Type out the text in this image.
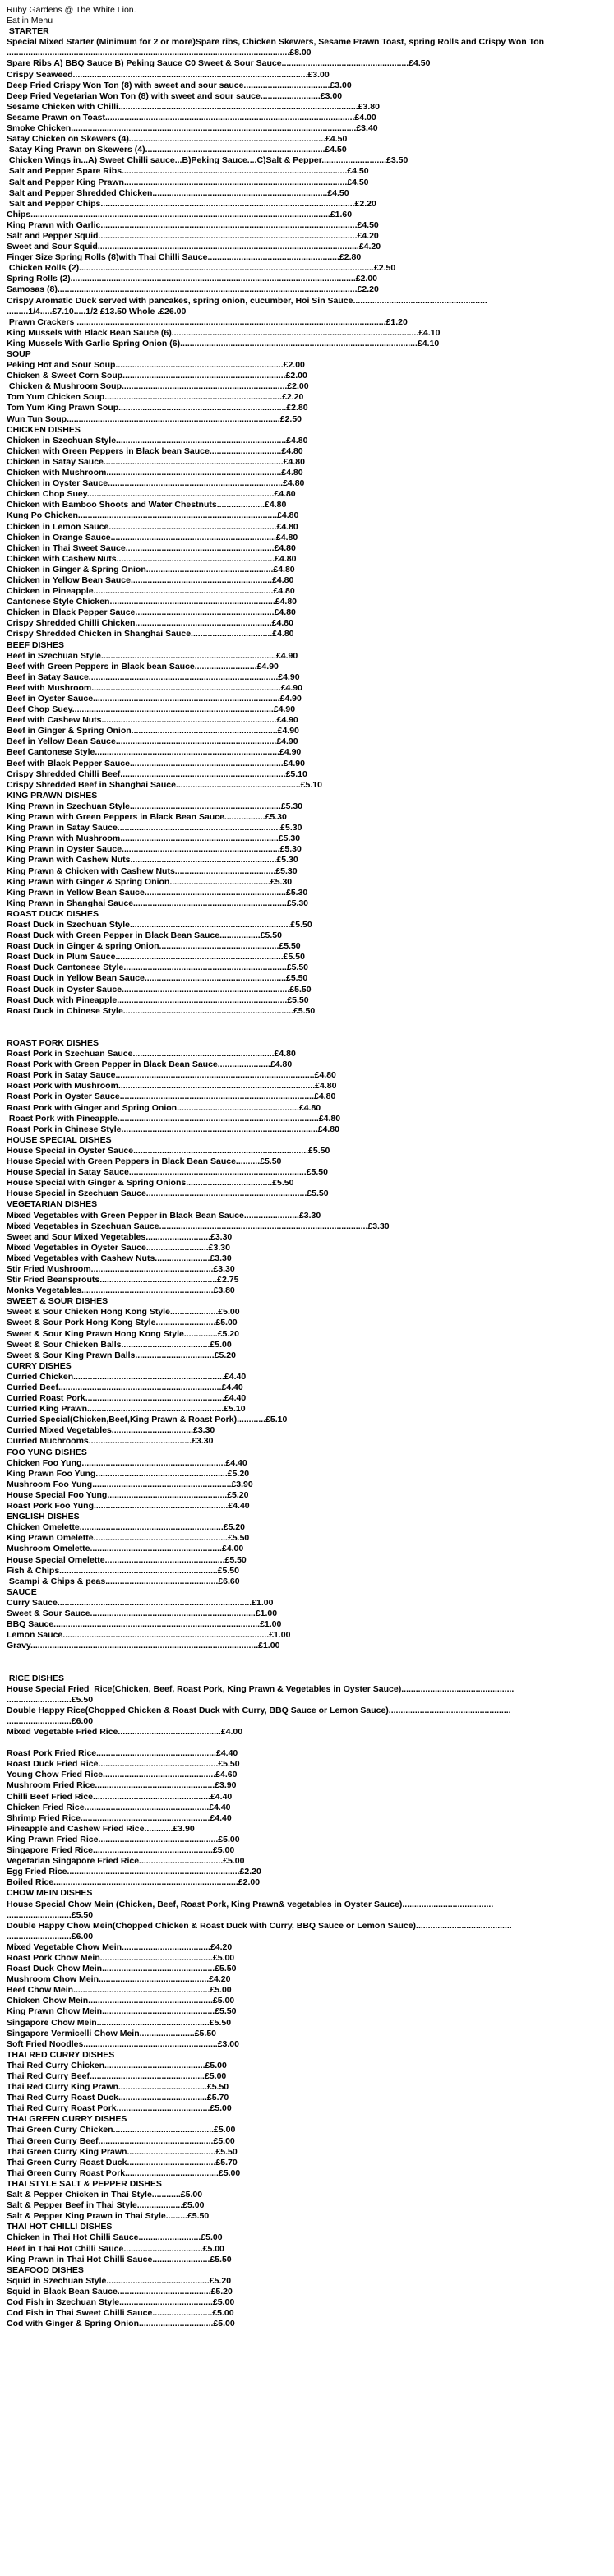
Ruby Gardens @ The White Lion.
Eat in Menu
STARTER
Special Mixed Starter (Minimum for 2 or more)Spare ribs, Chicken Skewers, Sesame Prawn Toast, spring Rolls and Crispy Won Ton
......................................................................................................................£8.00
Spare Ribs A) BBQ Sauce B) Peking Sauce C0 Sweet & Sour Sauce.....................................................£4.50
Crispy Seaweed..................................................................................................£3.00
Deep Fried Crispy Won Ton (8) with sweet and sour sauce....................................£3.00
Deep Fried Vegetarian Won Ton (8) with sweet and sour sauce.........................£3.00
Sesame Chicken with Chilli....................................................................................................£3.80
Sesame Prawn on Toast........................................................................................................£4.00
Smoke Chicken.......................................................................................................................£3.40
Satay Chicken on Skewers (4)..................................................................................£4.50
Satay King Prawn on Skewers (4)...........................................................................£4.50
Chicken Wings in...A) Sweet Chilli sauce...B)Peking Sauce....C)Salt & Pepper...........................£3.50
Salt and Pepper Spare Ribs..............................................................................................£4.50
Salt and Pepper King Prawn.............................................................................................£4.50
Salt and Pepper Shredded Chicken.........................................................................£4.50
Salt and Pepper Chips..........................................................................................................£2.20
Chips.............................................................................................................................£1.60
King Prawn with Garlic...........................................................................................................£4.50
Salt and Pepper Squid............................................................................................................£4.20
Sweet and Sour Squid.............................................................................................................£4.20
Finger Size Spring Rolls (8)with Thai Chilli Sauce.......................................................£2.80
Chicken Rolls (2)...........................................................................................................................£2.50
Spring Rolls (2).......................................................................................................................£2.00
Samosas (8).............................................................................................................................£2.20
Crispy Aromatic Duck served with pancakes, spring onion, cucumber, Hoi Sin Sauce........................................................
.........1/4.....£7.10.....1/2 £13.50 Whole .£26.00
Prawn Crackers .................................................................................................................................£1.20
King Mussels with Black Bean Sauce (6).......................................................................................................£4.10
King Mussels With Garlic Spring Onion (6)...................................................................................................£4.10
SOUP
Peking Hot and Sour Soup......................................................................£2.00
Chicken & Sweet Corn Soup....................................................................£2.00
Chicken & Mushroom Soup.....................................................................£2.00
Tom Yum Chicken Soup..........................................................................£2.20
Tom Yum King Prawn Soup......................................................................£2.80
Wun Tun Soup.........................................................................................£2.50
CHICKEN DISHES
Chicken in Szechuan Style.......................................................................£4.80
Chicken with Green Peppers in Black bean Sauce..............................£4.80
Chicken in Satay Sauce...........................................................................£4.80
Chicken with Mushroom.........................................................................£4.80
Chicken in Oyster Sauce.........................................................................£4.80
Chicken Chop Suey..............................................................................£4.80
Chicken with Bamboo Shoots and Water Chestnuts....................£4.80
Kung Po Chicken...................................................................................£4.80
Chicken in Lemon Sauce......................................................................£4.80
Chicken in Orange Sauce.....................................................................£4.80
Chicken in Thai Sweet Sauce..............................................................£4.80
Chicken with Cashew Nuts..................................................................£4.80
Chicken in Ginger & Spring Onion.....................................................£4.80
Chicken in Yellow Bean Sauce...........................................................£4.80
Chicken in Pineapple...........................................................................£4.80
Cantonese Style Chicken.....................................................................£4.80
Chicken in Black Pepper Sauce..........................................................£4.80
Crispy Shredded Chilli Chicken.........................................................£4.80
Crispy Shredded Chicken in Shanghai Sauce..................................£4.80
BEEF DISHES
Beef in Szechuan Style.........................................................................£4.90
Beef with Green Peppers in Black bean Sauce..........................£4.90
Beef in Satay Sauce...............................................................................£4.90
Beef with Mushroom...............................................................................£4.90
Beef in Oyster Sauce..............................................................................£4.90
Beef Chop Suey....................................................................................£4.90
Beef with Cashew Nuts.........................................................................£4.90
Beef in Ginger & Spring Onion.............................................................£4.90
Beef in Yellow Bean Sauce...................................................................£4.90
Beef Cantonese Style.............................................................................£4.90
Beef with Black Pepper Sauce................................................................£4.90
Crispy Shredded Chilli Beef.....................................................................£5.10
Crispy Shredded Beef in Shanghai Sauce....................................................£5.10
KING PRAWN DISHES
King Prawn in Szechuan Style...............................................................£5.30
King Prawn with Green Peppers in Black Bean Sauce.................£5.30
King Prawn in Satay Sauce....................................................................£5.30
King Prawn with Mushroom..................................................................£5.30
King Prawn in Oyster Sauce..................................................................£5.30
King Prawn with Cashew Nuts.............................................................£5.30
King Prawn & Chicken with Cashew Nuts..........................................£5.30
King Prawn with Ginger & Spring Onion..........................................£5.30
King Prawn in Yellow Bean Sauce...........................................................£5.30
King Prawn in Shanghai Sauce................................................................£5.30
ROAST DUCK DISHES
Roast Duck in Szechuan Style...................................................................£5.50
Roast Duck with Green Pepper in Black Bean Sauce.................£5.50
Roast Duck in Ginger & spring Onion..................................................£5.50
Roast Duck in Plum Sauce......................................................................£5.50
Roast Duck Cantonese Style....................................................................£5.50
Roast Duck in Yellow Bean Sauce...........................................................£5.50
Roast Duck in Oyster Sauce......................................................................£5.50
Roast Duck with Pineapple.......................................................................£5.50
Roast Duck in Chinese Style.......................................................................£5.50
ROAST PORK DISHES
Roast Pork in Szechuan Sauce...........................................................£4.80
Roast Pork with Green Pepper in Black Bean Sauce......................£4.80
Roast Pork in Satay Sauce...................................................................................£4.80
Roast Pork with Mushroom..................................................................................£4.80
Roast Pork in Oyster Sauce.................................................................................£4.80
Roast Pork with Ginger and Spring Onion...................................................£4.80
Roast Pork with Pineapple....................................................................................£4.80
Roast Pork in Chinese Style..................................................................................£4.80
HOUSE SPECIAL DISHES
House Special in Oyster Sauce.........................................................................£5.50
House Special with Green Peppers in Black Bean Sauce..........£5.50
House Special in Satay Sauce..........................................................................£5.50
House Special with Ginger & Spring Onions....................................£5.50
House Special in Szechuan Sauce...................................................................£5.50
VEGETARIAN DISHES
Mixed Vegetables with Green Pepper in Black Bean Sauce.......................£3.30
Mixed Vegetables in Szechuan Sauce.......................................................................................£3.30
Sweet and Sour Mixed Vegetables...........................£3.30
Mixed Vegetables in Oyster Sauce..........................£3.30
Mixed Vegetables with Cashew Nuts.......................£3.30
Stir Fried Mushroom...................................................£3.30
Stir Fried Beansprouts.................................................£2.75
Monks Vegetables.......................................................£3.80
SWEET & SOUR DISHES
Sweet & Sour Chicken Hong Kong Style....................£5.00
Sweet & Sour Pork Hong Kong Style.........................£5.00
Sweet & Sour King Prawn Hong Kong Style..............£5.20
Sweet & Sour Chicken Balls.....................................£5.00
Sweet & Sour King Prawn Balls.................................£5.20
CURRY DISHES
Curried Chicken...............................................................£4.40
Curried Beef....................................................................£4.40
Curried Roast Pork..........................................................£4.40
Curried King Prawn.........................................................£5.10
Curried Special(Chicken,Beef,King Prawn & Roast Pork)............£5.10
Curried Mixed Vegetables..................................£3.30
Curried Muchrooms...........................................£3.30
FOO YUNG DISHES
Chicken Foo Yung............................................................£4.40
King Prawn Foo Yung.......................................................£5.20
Mushroom Foo Yung..........................................................£3.90
House Special Foo Yung..................................................£5.20
Roast Pork Foo Yung........................................................£4.40
ENGLISH DISHES
Chicken Omelette............................................................£5.20
King Prawn Omelette........................................................£5.50
Mushroom Omelette.......................................................£4.00
House Special Omelette..................................................£5.50
Fish & Chips..................................................................£5.50
Scampi & Chips & peas...............................................£6.60
SAUCE
Curry Sauce.................................................................................£1.00
Sweet & Sour Sauce.....................................................................£1.00
BBQ Sauce......................................................................................£1.00
Lemon Sauce......................................................................................£1.00
Gravy...............................................................................................£1.00
RICE DISHES
House Special Fried  Rice(Chicken, Beef, Roast Pork, King Prawn & Vegetables in Oyster Sauce)...............................................
...........................£5.50
Double Happy Rice(Chopped Chicken & Roast Duck with Curry, BBQ Sauce or Lemon Sauce)...................................................
...........................£6.00
Mixed Vegetable Fried Rice...........................................£4.00
Roast Pork Fried Rice..................................................£4.40
Roast Duck Fried Rice..................................................£5.50
Young Chow Fried Rice...............................................£4.60
Mushroom Fried Rice..................................................£3.90
Chilli Beef Fried Rice.................................................£4.40
Chicken Fried Rice....................................................£4.40
Shrimp Fried Rice......................................................£4.40
Pineapple and Cashew Fried Rice............£3.90
King Prawn Fried Rice..................................................£5.00
Singapore Fried Rice..................................................£5.00
Vegetarian Singapore Fried Rice...................................£5.00
Egg Fried Rice........................................................................£2.20
Boiled Rice.............................................................................£2.00
CHOW MEIN DISHES
House Special Chow Mein (Chicken, Beef, Roast Pork, King Prawn& vegetables in Oyster Sauce)......................................
...........................£5.50
Double Happy Chow Mein(Chopped Chicken & Roast Duck with Curry, BBQ Sauce or Lemon Sauce)........................................
...........................£6.00
Mixed Vegetable Chow Mein.....................................£4.20
Roast Pork Chow Mein...............................................£5.00
Roast Duck Chow Mein...............................................£5.50
Mushroom Chow Mein..............................................£4.20
Beef Chow Mein.........................................................£5.00
Chicken Chow Mein....................................................£5.00
King Prawn Chow Mein...............................................£5.50
Singapore Chow Mein...............................................£5.50
Singapore Vermicelli Chow Mein.......................£5.50
Soft Fried Noodles........................................................£3.00
THAI RED CURRY DISHES
Thai Red Curry Chicken..........................................£5.00
Thai Red Curry Beef................................................£5.00
Thai Red Curry King Prawn.....................................£5.50
Thai Red Curry Roast Duck.....................................£5.70
Thai Red Curry Roast Pork.......................................£5.00
THAI GREEN CURRY DISHES
Thai Green Curry Chicken..........................................£5.00
Thai Green Curry Beef................................................£5.00
Thai Green Curry King Prawn.....................................£5.50
Thai Green Curry Roast Duck.....................................£5.70
Thai Green Curry Roast Pork.......................................£5.00
THAI STYLE SALT & PEPPER DISHES
Salt & Pepper Chicken in Thai Style............£5.00
Salt & Pepper Beef in Thai Style...................£5.00
Salt & Pepper King Prawn in Thai Style.........£5.50
THAI HOT CHILLI DISHES
Chicken in Thai Hot Chilli Sauce..........................£5.00
Beef in Thai Hot Chilli Sauce.................................£5.00
King Prawn in Thai Hot Chilli Sauce........................£5.50
SEAFOOD DISHES
Squid in Szechuan Style...........................................£5.20
Squid in Black Bean Sauce.......................................£5.20
Cod Fish in Szechuan Style.......................................£5.00
Cod Fish in Thai Sweet Chilli Sauce.........................£5.00
Cod with Ginger & Spring Onion...............................£5.00
